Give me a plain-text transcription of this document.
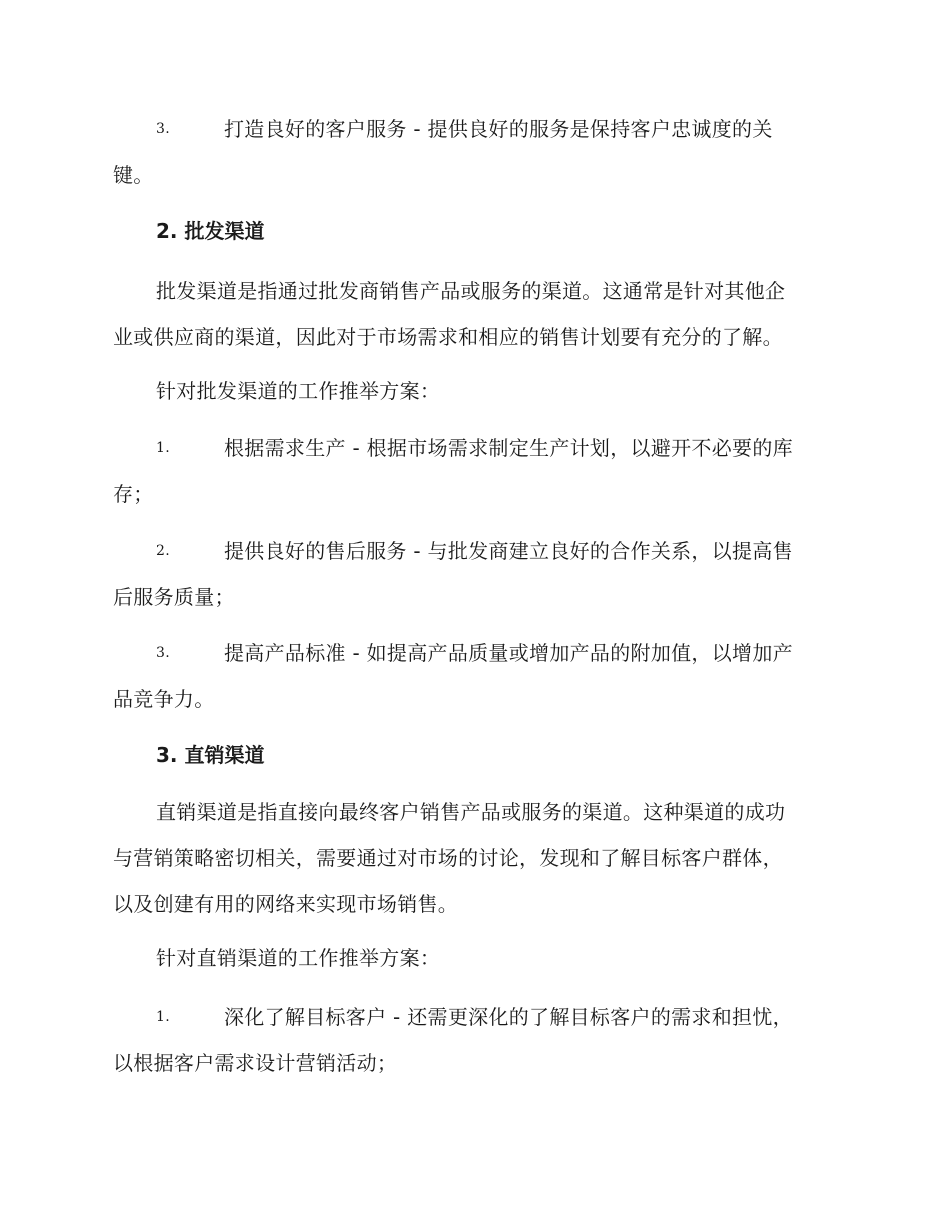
3.	打造良好的客户服务 - 提供良好的服务是保持客户忠诚度的关
键。
2. 批发渠道
批发渠道是指通过批发商销售产品或服务的渠道。这通常是针对其他企
业或供应商的渠道，因此对于市场需求和相应的销售计划要有充分的了解。
针对批发渠道的工作推举方案：
1.	根据需求生产 - 根据市场需求制定生产计划，以避开不必要的库
存；
2.	提供良好的售后服务 - 与批发商建立良好的合作关系，以提高售
后服务质量；
3.	提高产品标准 - 如提高产品质量或增加产品的附加值，以增加产
品竞争力。
3. 直销渠道
直销渠道是指直接向最终客户销售产品或服务的渠道。这种渠道的成功
与营销策略密切相关，需要通过对市场的讨论，发现和了解目标客户群体，
以及创建有用的网络来实现市场销售。
针对直销渠道的工作推举方案：
1.	深化了解目标客户 - 还需更深化的了解目标客户的需求和担忧，
以根据客户需求设计营销活动；
